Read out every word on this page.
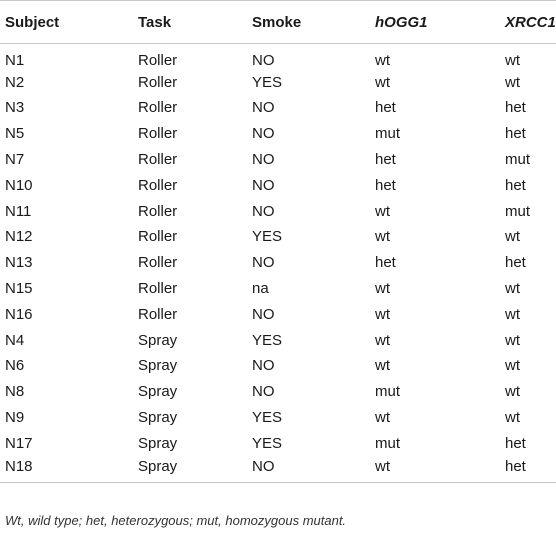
Subject	Task	Smoke	hOGG1	XRCC1
N1	Roller	NO	wt	wt
N2	Roller	YES	wt	wt
N3	Roller	NO	het	het
N5	Roller	NO	mut	het
N7	Roller	NO	het	mut
N10	Roller	NO	het	het
N11	Roller	NO	wt	mut
N12	Roller	YES	wt	wt
N13	Roller	NO	het	het
N15	Roller	na	wt	wt
N16	Roller	NO	wt	wt
N4	Spray	YES	wt	wt
N6	Spray	NO	wt	wt
N8	Spray	NO	mut	wt
N9	Spray	YES	wt	wt
N17	Spray	YES	mut	het
N18	Spray	NO	wt	het
Wt, wild type; het, heterozygous; mut, homozygous mutant.
